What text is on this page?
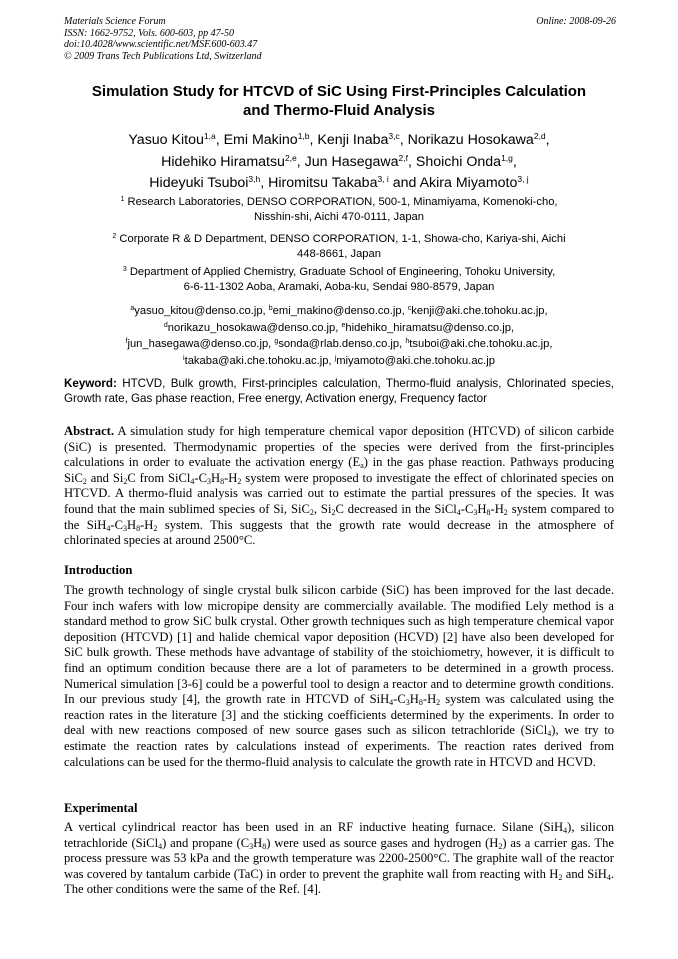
Materials Science Forum
ISSN: 1662-9752, Vols. 600-603, pp 47-50
doi:10.4028/www.scientific.net/MSF.600-603.47
© 2009 Trans Tech Publications Ltd, Switzerland
Online: 2008-09-26
Simulation Study for HTCVD of SiC Using First-Principles Calculation
and Thermo-Fluid Analysis
Yasuo Kitou$^{1,a}$, Emi Makino$^{1,b}$, Kenji Inaba$^{3,c}$, Norikazu Hosokawa$^{2,d}$,
Hidehiko Hiramatsu$^{2,e}$, Jun Hasegawa$^{2,f}$, Shoichi Onda$^{1,g}$,
Hideyuki Tsuboi$^{3,h}$, Hiromitsu Takaba$^{3, i}$ and Akira Miyamoto$^{3, j}$
$^1$ Research Laboratories, DENSO CORPORATION, 500-1, Minamiyama, Komenoki-cho,
Nisshin-shi, Aichi 470-0111, Japan
$^2$ Corporate R & D Department, DENSO CORPORATION, 1-1, Showa-cho, Kariya-shi, Aichi
448-8661, Japan
$^3$ Department of Applied Chemistry, Graduate School of Engineering, Tohoku University,
6-6-11-1302 Aoba, Aramaki, Aoba-ku, Sendai 980-8579, Japan
$^a$yasuo_kitou@denso.co.jp, $^b$emi_makino@denso.co.jp, $^c$kenji@aki.che.tohoku.ac.jp,
$^d$norikazu_hosokawa@denso.co.jp, $^e$hidehiko_hiramatsu@denso.co.jp,
$^f$jun_hasegawa@denso.co.jp, $^g$sonda@rlab.denso.co.jp, $^h$tsuboi@aki.che.tohoku.ac.jp,
$^i$takaba@aki.che.tohoku.ac.jp, $^j$miyamoto@aki.che.tohoku.ac.jp
Keyword: HTCVD, Bulk growth, First-principles calculation, Thermo-fluid analysis, Chlorinated species, Growth rate, Gas phase reaction, Free energy, Activation energy, Frequency factor
Abstract. A simulation study for high temperature chemical vapor deposition (HTCVD) of silicon carbide (SiC) is presented. Thermodynamic properties of the species were derived from the first-principles calculations in order to evaluate the activation energy $(E_a)$ in the gas phase reaction. Pathways producing SiC$_2$ and $Si_2C$ from $SiCl_4-C_3H_8-H_2$ system were proposed to investigate the effect of chlorinated species on HTCVD. A thermo-fluid analysis was carried out to estimate the partial pressures of the species. It was found that the main sublimed species of Si, SiC$_2$, $Si_2C$ decreased in the $SiCl_4-C_3H_8-H_2$ system compared to the $SiH_4-C_3H_8-H_2$ system. This suggests that the growth rate would decrease in the atmosphere of chlorinated species at around 2500°C.
Introduction
The growth technology of single crystal bulk silicon carbide (SiC) has been improved for the last decade. Four inch wafers with low micropipe density are commercially available. The modified Lely method is a standard method to grow SiC bulk crystal. Other growth techniques such as high temperature chemical vapor deposition (HTCVD) [1] and halide chemical vapor deposition (HCVD) [2] have also been developed for SiC bulk growth. These methods have advantage of stability of the stoichiometry, however, it is difficult to find an optimum condition because there are a lot of parameters to be determined in a growth process. Numerical simulation [3-6] could be a powerful tool to design a reactor and to determine growth conditions. In our previous study [4], the growth rate in HTCVD of $SiH_4-C_3H_8-H_2$ system was calculated using the reaction rates in the literature [3] and the sticking coefficients determined by the experiments. In order to deal with new reactions composed of new source gases such as silicon tetrachloride (SiCl$_4$), we try to estimate the reaction rates by calculations instead of experiments. The reaction rates derived from calculations can be used for the thermo-fluid analysis to calculate the growth rate in HTCVD and HCVD.
Experimental
A vertical cylindrical reactor has been used in an RF inductive heating furnace. Silane (SiH$_4$), silicon tetrachloride (SiCl$_4$) and propane $(C_3H_8)$ were used as source gases and hydrogen $(H_2)$ as a carrier gas. The process pressure was 53 kPa and the growth temperature was 2200-2500°C. The graphite wall of the reactor was covered by tantalum carbide (TaC) in order to prevent the graphite wall from reacting with $H_2$ and SiH$_4$. The other conditions were the same of the Ref. [4].
